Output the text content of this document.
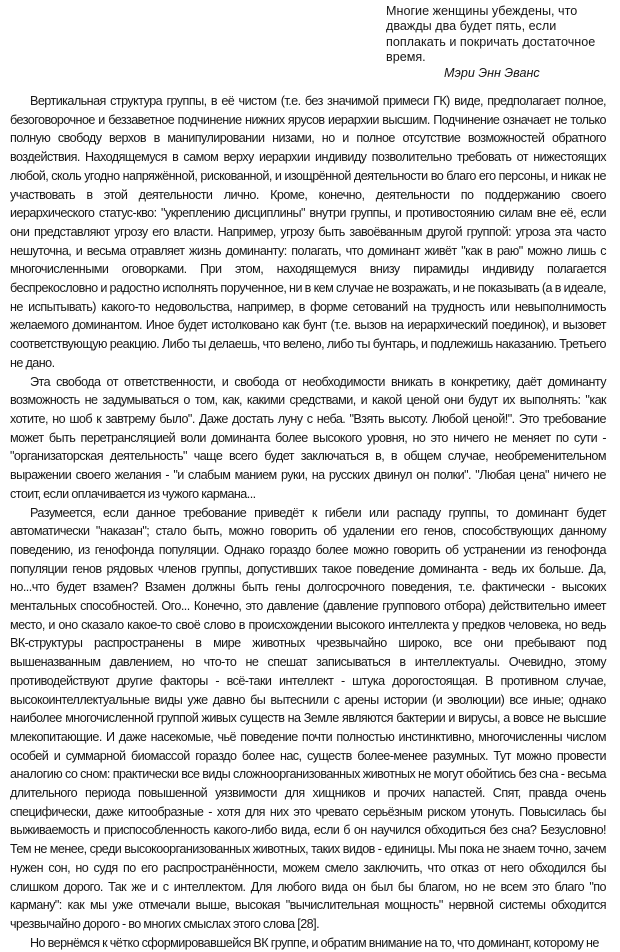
Многие женщины убеждены, что дважды два будет пять, если поплакать и покричать достаточное время.
Мэри Энн Эванс

Вертикальная структура группы, в её чистом (т.е. без значимой примеси ГК) виде, предполагает полное, безоговорочное и беззаветное подчинение нижних ярусов иерархии высшим. Подчинение означает не только полную свободу верхов в манипулировании низами, но и полное отсутствие возможностей обратного воздействия. Находящемуся в самом верху иерархии индивиду позволительно требовать от нижестоящих любой, сколь угодно напряжённой, рискованной, и изощрённой деятельности во благо его персоны, и никак не участвовать в этой деятельности лично. Кроме, конечно, деятельности по поддержанию своего иерархического статус-кво: "укреплению дисциплины" внутри группы, и противостоянию силам вне её, если они представляют угрозу его власти. Например, угрозу быть завоёванным другой группой: угроза эта часто нешуточна, и весьма отравляет жизнь доминанту: полагать, что доминант живёт "как в раю" можно лишь с многочисленными оговорками. При этом, находящемуся внизу пирамиды индивиду полагается беспрекословно и радостно исполнять порученное, ни в кем случае не возражать, и не показывать (а в идеале, не испытывать) какого-то недовольства, например, в форме сетований на трудность или невыполнимость желаемого доминантом. Иное будет истолковано как бунт (т.е. вызов на иерархический поединок), и вызовет соответствующую реакцию. Либо ты делаешь, что велено, либо ты бунтарь, и подлежишь наказанию. Третьего не дано.

Эта свобода от ответственности, и свобода от необходимости вникать в конкретику, даёт доминанту возможность не задумываться о том, как, какими средствами, и какой ценой они будут их выполнять: "как хотите, но шоб к завтрему было". Даже достать луну с неба. "Взять высоту. Любой ценой!". Это требование может быть перетрансляцией воли доминанта более высокого уровня, но это ничего не меняет по сути - "организаторская деятельность" чаще всего будет заключаться в, в общем случае, необременительном выражении своего желания - "и слабым манием руки, на русских двинул он полки". "Любая цена" ничего не стоит, если оплачивается из чужого кармана...

Разумеется, если данное требование приведёт к гибели или распаду группы, то доминант будет автоматически "наказан"; стало быть, можно говорить об удалении его генов, способствующих данному поведению, из генофонда популяции. Однако гораздо более можно говорить об устранении из генофонда популяции генов рядовых членов группы, допустивших такое поведение доминанта - ведь их больше. Да, но...что будет взамен? Взамен должны быть гены долгосрочного поведения, т.е. фактически - высоких ментальных способностей. Ого... Конечно, это давление (давление группового отбора) действительно имеет место, и оно сказало какое-то своё слово в происхождении высокого интеллекта у предков человека, но ведь ВК-структуры распространены в мире животных чрезвычайно широко, все они пребывают под вышеназванным давлением, но что-то не спешат записываться в интеллектуалы. Очевидно, этому противодействуют другие факторы - всё-таки интеллект - штука дорогостоящая. В противном случае, высокоинтеллектуальные виды уже давно бы вытеснили с арены истории (и эволюции) все иные; однако наиболее многочисленной группой живых существ на Земле являются бактерии и вирусы, а вовсе не высшие млекопитающие. И даже насекомые, чьё поведение почти полностью инстинктивно, многочисленны числом особей и суммарной биомассой гораздо более нас, существ более-менее разумных. Тут можно провести аналогию со сном: практически все виды сложноорганизованных животных не могут обойтись без сна - весьма длительного периода повышенной уязвимости для хищников и прочих напастей. Спят, правда очень специфически, даже китообразные - хотя для них это чревато серьёзным риском утонуть. Повысилась бы выживаемость и приспособленность какого-либо вида, если б он научился обходиться без сна? Безусловно! Тем не менее, среди высокоорганизованных животных, таких видов - единицы. Мы пока не знаем точно, зачем нужен сон, но судя по его распространённости, можем смело заключить, что отказ от него обходился бы слишком дорого. Так же и с интеллектом. Для любого вида он был бы благом, но не всем это благо "по карману": как мы уже отмечали выше, высокая "вычислительная мощность" нервной системы обходится чрезвычайно дорого - во многих смыслах этого слова [28].

Но вернёмся к чётко сформировавшейся ВК группе, и обратим внимание на то, что доминант, которому не
